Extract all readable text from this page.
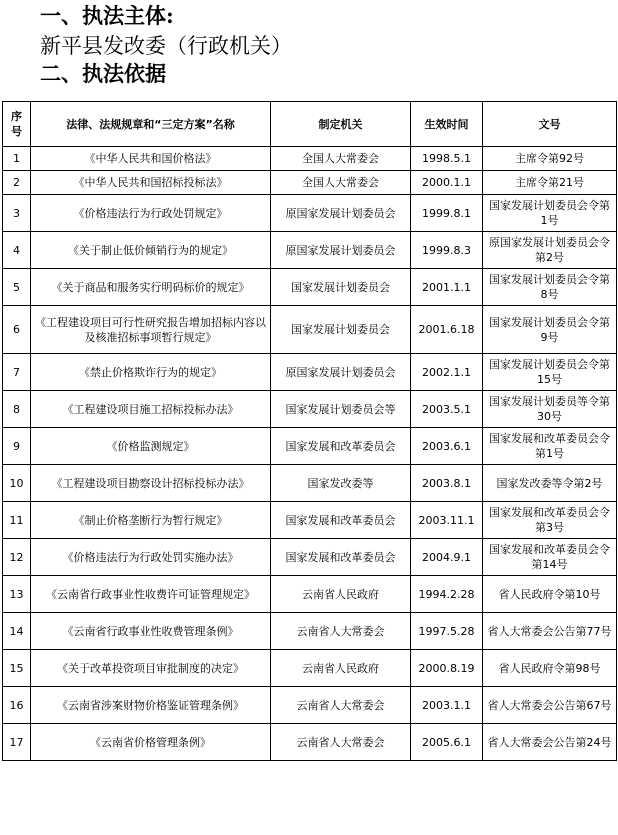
一、执法主体:
新平县发改委（行政机关）
二、执法依据
序号	法律、法规规章和“三定方案”名称	制定机关	生效时间	文号
1	《中华人民共和国价格法》	全国人大常委会	1998.5.1	主席令第92号
2	《中华人民共和国招标投标法》	全国人大常委会	2000.1.1	主席令第21号
3	《价格违法行为行政处罚规定》	原国家发展计划委员会	1999.8.1	国家发展计划委员会令第1号
4	《关于制止低价倾销行为的规定》	原国家发展计划委员会	1999.8.3	原国家发展计划委员会令第2号
5	《关于商品和服务实行明码标价的规定》	国家发展计划委员会	2001.1.1	国家发展计划委员会令第8号
6	《工程建设项目可行性研究报告增加招标内容以及核准招标事项暂行规定》	国家发展计划委员会	2001.6.18	国家发展计划委员会令第9号
7	《禁止价格欺诈行为的规定》	原国家发展计划委员会	2002.1.1	国家发展计划委员会令第15号
8	《工程建设项目施工招标投标办法》	国家发展计划委员会等	2003.5.1	国家发展计划委员等令第30号
9	《价格监测规定》	国家发展和改革委员会	2003.6.1	国家发展和改革委员会令第1号
10	《工程建设项目勘察设计招标投标办法》	国家发改委等	2003.8.1	国家发改委等令第2号
11	《制止价格垄断行为暂行规定》	国家发展和改革委员会	2003.11.1	国家发展和改革委员会令第3号
12	《价格违法行为行政处罚实施办法》	国家发展和改革委员会	2004.9.1	国家发展和改革委员会令第14号
13	《云南省行政事业性收费许可证管理规定》	云南省人民政府	1994.2.28	省人民政府令第10号
14	《云南省行政事业性收费管理条例》	云南省人大常委会	1997.5.28	省人大常委会公告第77号
15	《关于改革投资项目审批制度的决定》	云南省人民政府	2000.8.19	省人民政府令第98号
16	《云南省涉案财物价格鉴证管理条例》	云南省人大常委会	2003.1.1	省人大常委会公告第67号
17	《云南省价格管理条例》	云南省人大常委会	2005.6.1	省人大常委会公告第24号
